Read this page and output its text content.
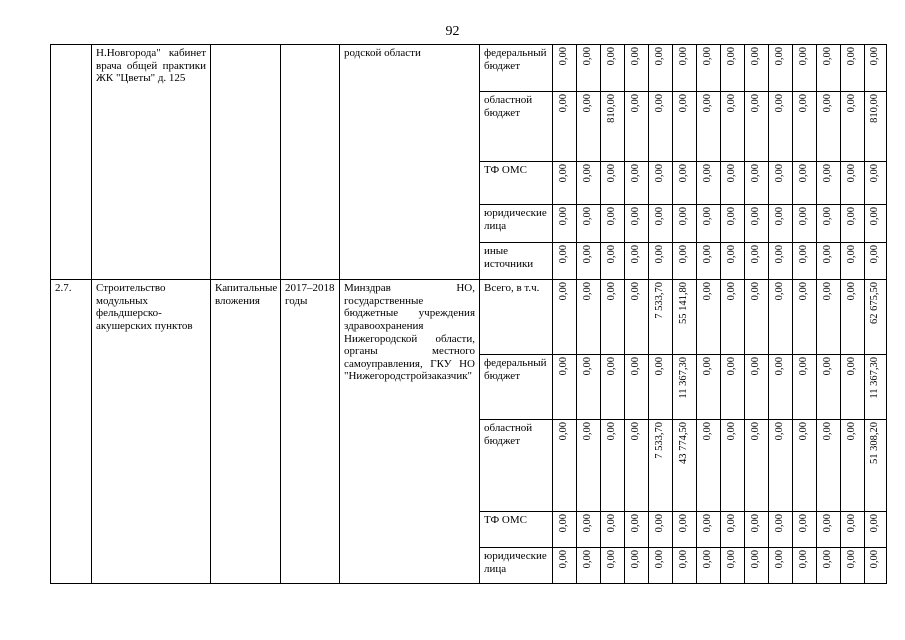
92
	Н.Новгорода" кабинет врача общей практики ЖК "Цветы" д. 125			родской области	федеральный бюджет	0,00	0,00	0,00	0,00	0,00	0,00	0,00	0,00	0,00	0,00	0,00	0,00	0,00	0,00

					областной бюджет	0,00	0,00	810,00	0,00	0,00	0,00	0,00	0,00	0,00	0,00	0,00	0,00	0,00	810,00

					ТФ ОМС	0,00	0,00	0,00	0,00	0,00	0,00	0,00	0,00	0,00	0,00	0,00	0,00	0,00	0,00

					юридические лица	0,00	0,00	0,00	0,00	0,00	0,00	0,00	0,00	0,00	0,00	0,00	0,00	0,00	0,00

					иные источники	0,00	0,00	0,00	0,00	0,00	0,00	0,00	0,00	0,00	0,00	0,00	0,00	0,00	0,00
2.7.	Строительство модульных фельдшерско-акушерских пунктов	Капитальные вложения	2017–2018 годы	Минздрав НО, государственные бюджетные учреждения здравоохранения Нижегородской области, органы местного самоуправления, ГКУ НО "Нижегородстройзаказчик"	Всего, в т.ч.	0,00	0,00	0,00	0,00	7 533,70	55 141,80	0,00	0,00	0,00	0,00	0,00	0,00	0,00	62 675,50

					федеральный бюджет	0,00	0,00	0,00	0,00	0,00	11 367,30	0,00	0,00	0,00	0,00	0,00	0,00	0,00	11 367,30

					областной бюджет	0,00	0,00	0,00	0,00	7 533,70	43 774,50	0,00	0,00	0,00	0,00	0,00	0,00	0,00	51 308,20

					ТФ ОМС	0,00	0,00	0,00	0,00	0,00	0,00	0,00	0,00	0,00	0,00	0,00	0,00	0,00	0,00

					юридические лица	0,00	0,00	0,00	0,00	0,00	0,00	0,00	0,00	0,00	0,00	0,00	0,00	0,00	0,00
